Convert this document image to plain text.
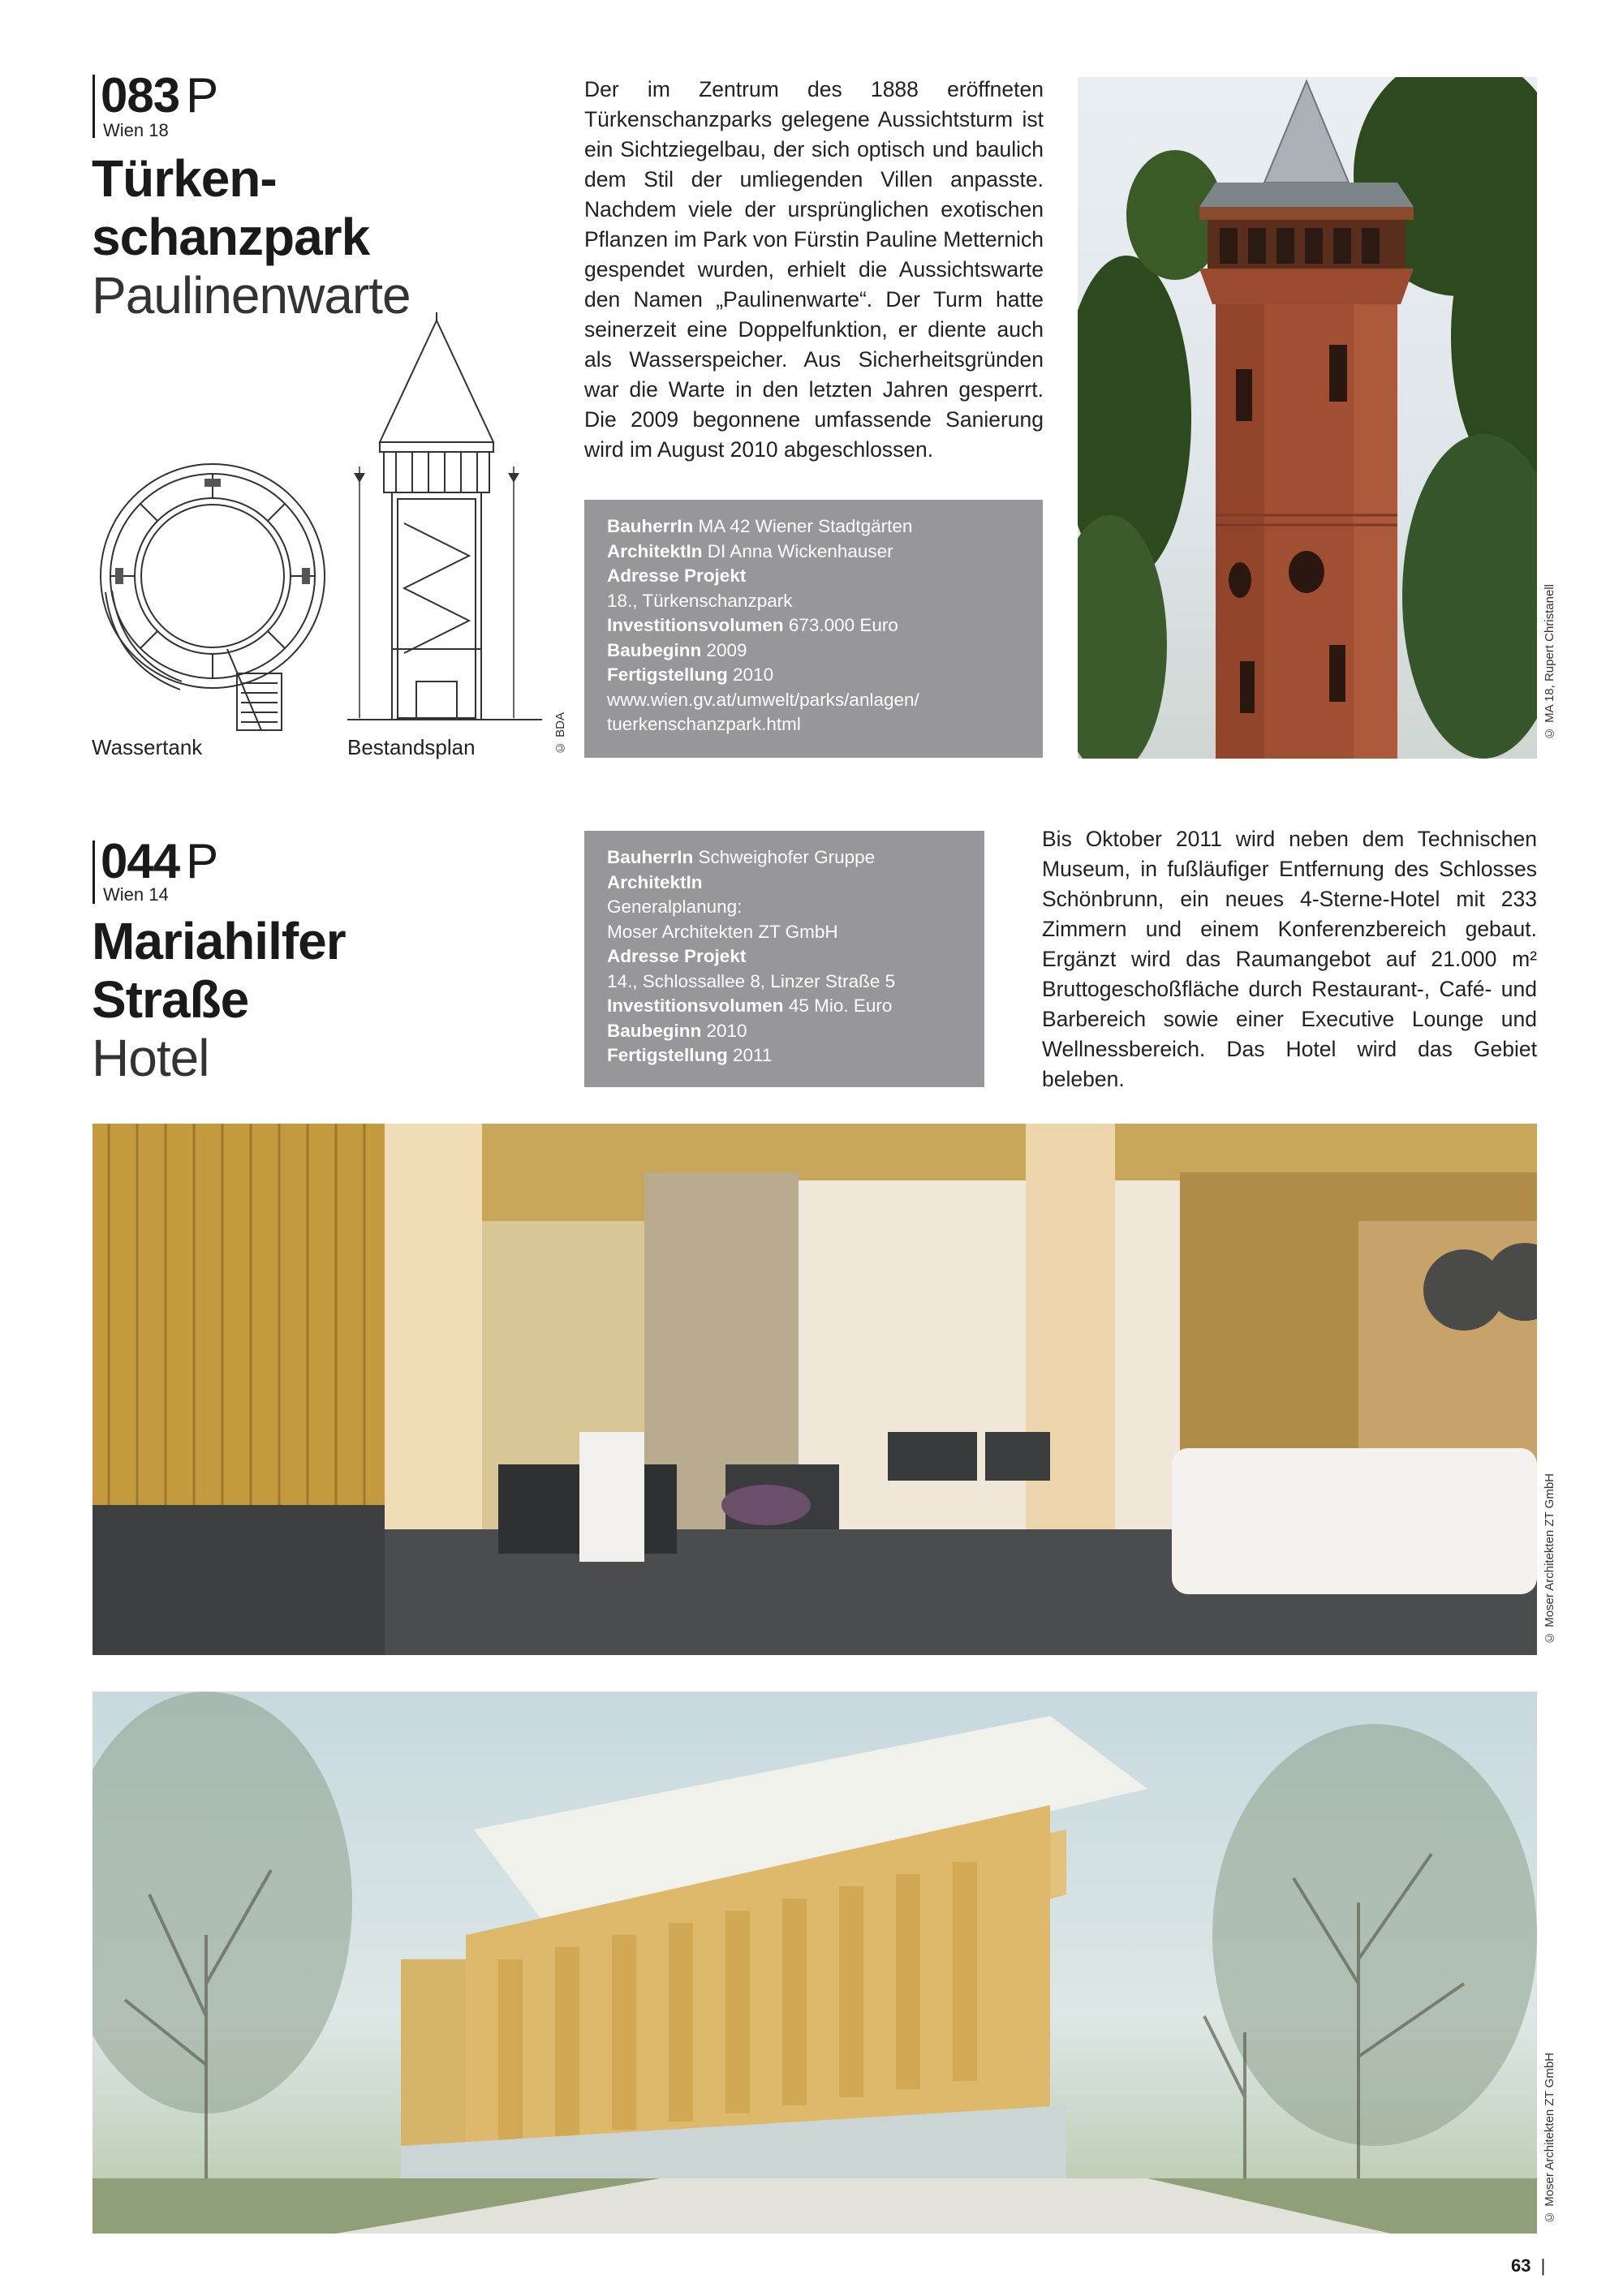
083 P
Wien 18
Türken-
schanzpark
Paulinenwarte
Wassertank	Bestandsplan	© BDA
Der im Zentrum des 1888 eröffneten Türkenschanzparks gelegene Aussichtsturm ist ein Sichtziegelbau, der sich optisch und baulich dem Stil der umliegenden Villen anpasste. Nachdem viele der ursprünglichen exotischen Pflanzen im Park von Fürstin Pauline Metternich gespendet wurden, erhielt die Aussichtswarte den Namen „Paulinenwarte“. Der Turm hatte seinerzeit eine Doppelfunktion, er diente auch als Wasserspeicher. Aus Sicherheitsgründen war die Warte in den letzten Jahren gesperrt. Die 2009 begonnene umfassende Sanierung wird im August 2010 abgeschlossen.
BauherrIn MA 42 Wiener Stadtgärten
ArchitektIn DI Anna Wickenhauser
Adresse Projekt
18., Türkenschanzpark
Investitionsvolumen 673.000 Euro
Baubeginn 2009
Fertigstellung 2010
www.wien.gv.at/umwelt/parks/anlagen/
tuerkenschanzpark.html	© MA 18, Rupert Christanell
044 P
Wien 14
Mariahilfer
Straße
Hotel
BauherrIn Schweighofer Gruppe
ArchitektIn
Generalplanung:
Moser Architekten ZT GmbH
Adresse Projekt
14., Schlossallee 8, Linzer Straße 5
Investitionsvolumen 45 Mio. Euro
Baubeginn 2010
Fertigstellung 2011
Bis Oktober 2011 wird neben dem Technischen Museum, in fußläufiger Entfernung des Schlosses Schönbrunn, ein neues 4-Sterne-Hotel mit 233 Zimmern und einem Konferenzbereich gebaut. Ergänzt wird das Raumangebot auf 21.000 m² Bruttogeschoßfläche durch Restaurant-, Café- und Barbereich sowie einer Executive Lounge und Wellnessbereich. Das Hotel wird das Gebiet beleben.
© Moser Architekten ZT GmbH
© Moser Architekten ZT GmbH
63 |
